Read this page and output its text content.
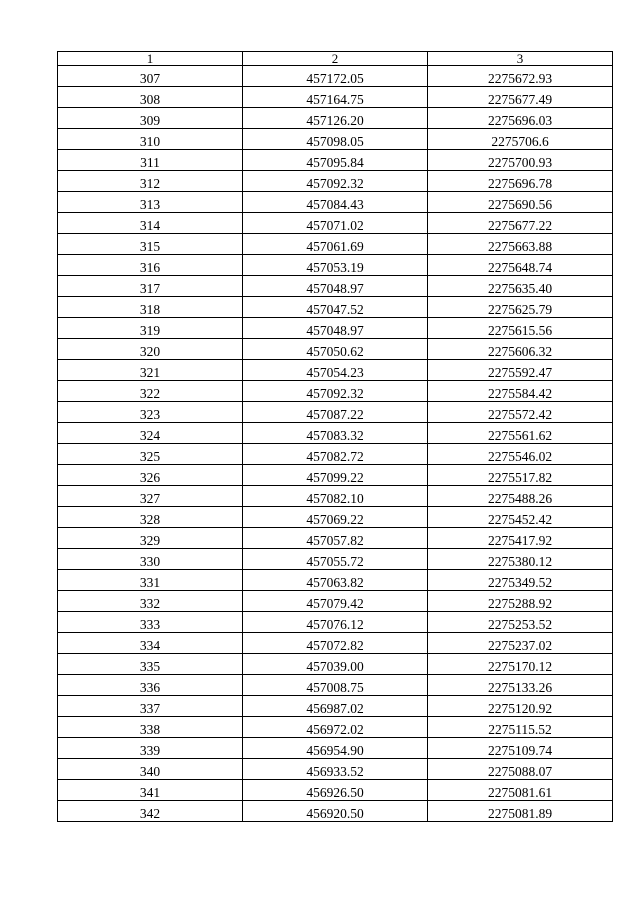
1	2	3
307	457172.05	2275672.93
308	457164.75	2275677.49
309	457126.20	2275696.03
310	457098.05	2275706.6
311	457095.84	2275700.93
312	457092.32	2275696.78
313	457084.43	2275690.56
314	457071.02	2275677.22
315	457061.69	2275663.88
316	457053.19	2275648.74
317	457048.97	2275635.40
318	457047.52	2275625.79
319	457048.97	2275615.56
320	457050.62	2275606.32
321	457054.23	2275592.47
322	457092.32	2275584.42
323	457087.22	2275572.42
324	457083.32	2275561.62
325	457082.72	2275546.02
326	457099.22	2275517.82
327	457082.10	2275488.26
328	457069.22	2275452.42
329	457057.82	2275417.92
330	457055.72	2275380.12
331	457063.82	2275349.52
332	457079.42	2275288.92
333	457076.12	2275253.52
334	457072.82	2275237.02
335	457039.00	2275170.12
336	457008.75	2275133.26
337	456987.02	2275120.92
338	456972.02	2275115.52
339	456954.90	2275109.74
340	456933.52	2275088.07
341	456926.50	2275081.61
342	456920.50	2275081.89
